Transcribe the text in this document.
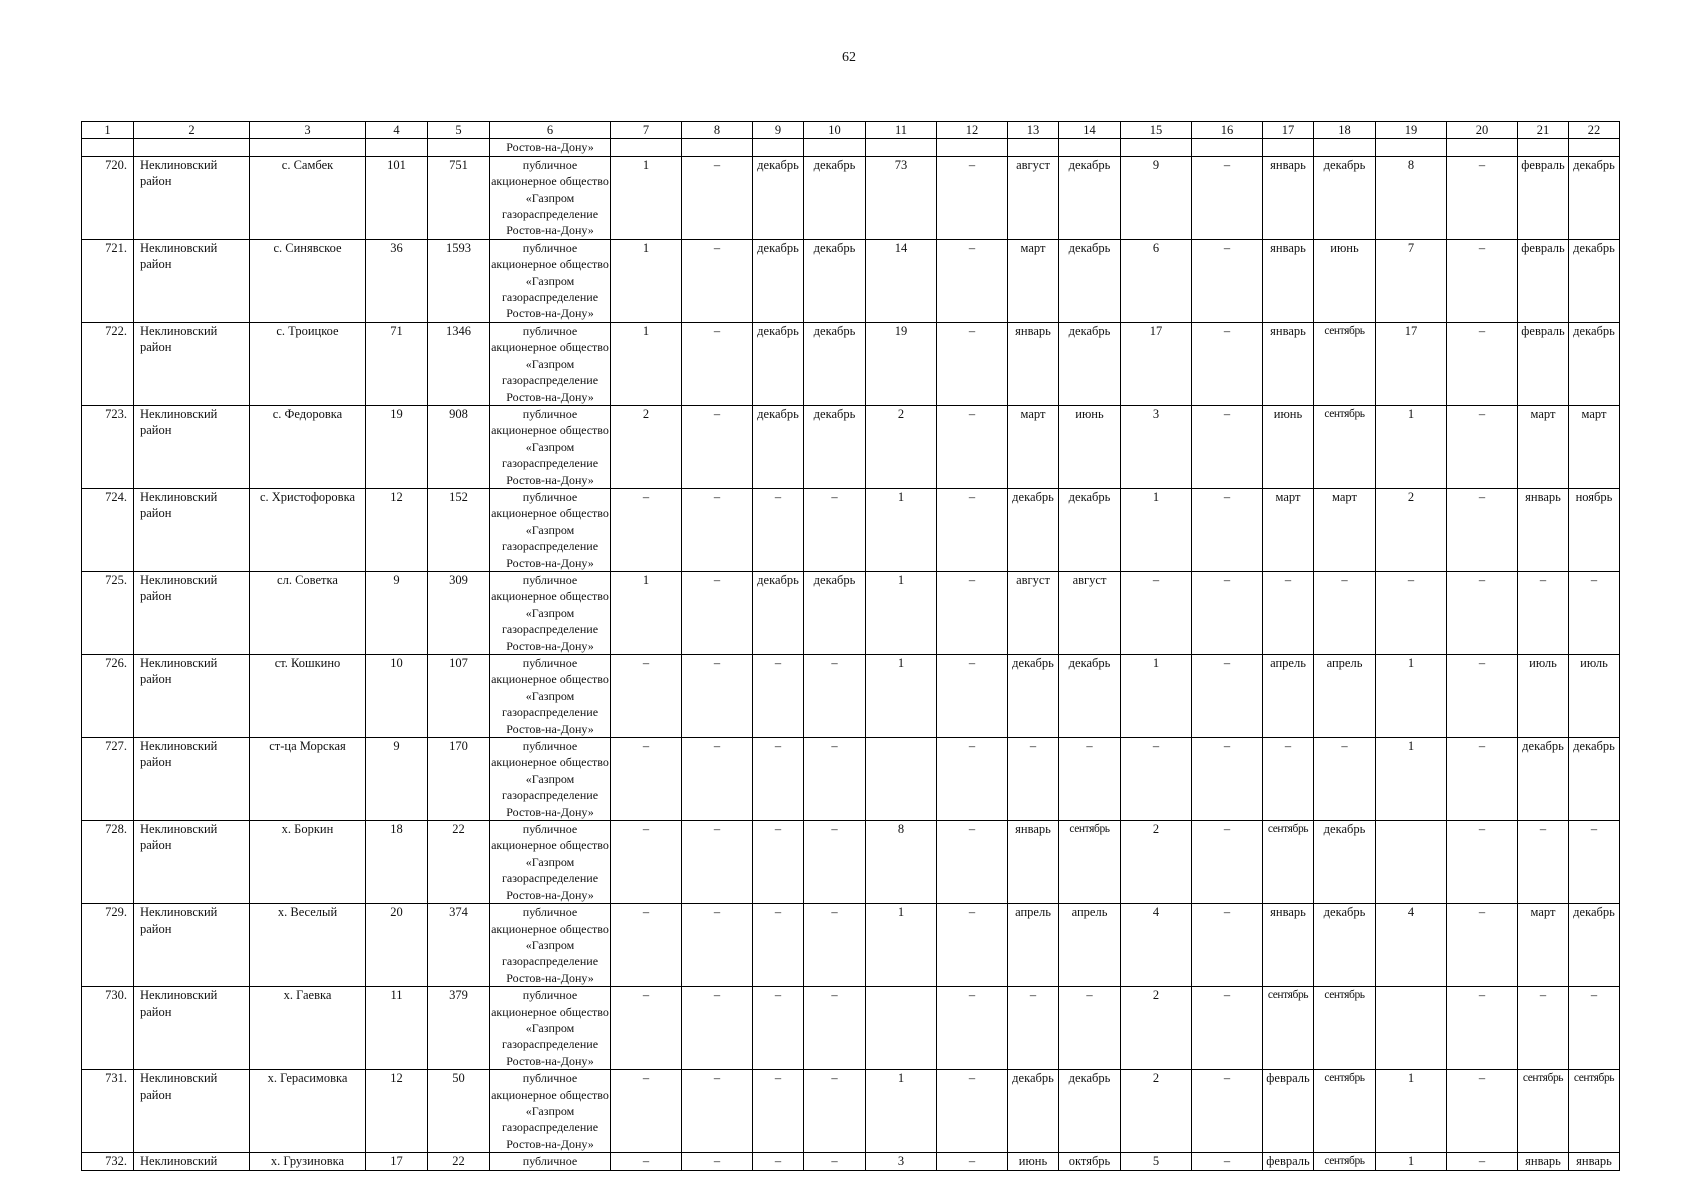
62
1	2	3	4	5	6	7	8	9	10	11	12	13	14	15	16	17	18	19	20	21	22
					Ростов-на-Дону»																
720.	Неклиновский район	с. Самбек	101	751	публичное акционерное общество «Газпром газораспределение Ростов-на-Дону»	1	–	декабрь	декабрь	73	–	август	декабрь	9	–	январь	декабрь	8	–	февраль	декабрь
721.	Неклиновский район	с. Синявское	36	1593	публичное акционерное общество «Газпром газораспределение Ростов-на-Дону»	1	–	декабрь	декабрь	14	–	март	декабрь	6	–	январь	июнь	7	–	февраль	декабрь
722.	Неклиновский район	с. Троицкое	71	1346	публичное акционерное общество «Газпром газораспределение Ростов-на-Дону»	1	–	декабрь	декабрь	19	–	январь	декабрь	17	–	январь	сентябрь	17	–	февраль	декабрь
723.	Неклиновский район	с. Федоровка	19	908	публичное акционерное общество «Газпром газораспределение Ростов-на-Дону»	2	–	декабрь	декабрь	2	–	март	июнь	3	–	июнь	сентябрь	1	–	март	март
724.	Неклиновский район	с. Христофоровка	12	152	публичное акционерное общество «Газпром газораспределение Ростов-на-Дону»	–	–	–	–	1	–	декабрь	декабрь	1	–	март	март	2	–	январь	ноябрь
725.	Неклиновский район	сл. Советка	9	309	публичное акционерное общество «Газпром газораспределение Ростов-на-Дону»	1	–	декабрь	декабрь	1	–	август	август	–	–	–	–	–	–	–	–
726.	Неклиновский район	ст. Кошкино	10	107	публичное акционерное общество «Газпром газораспределение Ростов-на-Дону»	–	–	–	–	1	–	декабрь	декабрь	1	–	апрель	апрель	1	–	июль	июль
727.	Неклиновский район	ст-ца Морская	9	170	публичное акционерное общество «Газпром газораспределение Ростов-на-Дону»	–	–	–	–		–	–	–	–	–	–	–	1	–	декабрь	декабрь
728.	Неклиновский район	х. Боркин	18	22	публичное акционерное общество «Газпром газораспределение Ростов-на-Дону»	–	–	–	–	8	–	январь	сентябрь	2	–	сентябрь	декабрь		–	–	–
729.	Неклиновский район	х. Веселый	20	374	публичное акционерное общество «Газпром газораспределение Ростов-на-Дону»	–	–	–	–	1	–	апрель	апрель	4	–	январь	декабрь	4	–	март	декабрь
730.	Неклиновский район	х. Гаевка	11	379	публичное акционерное общество «Газпром газораспределение Ростов-на-Дону»	–	–	–	–		–	–	–	2	–	сентябрь	сентябрь		–	–	–
731.	Неклиновский район	х. Герасимовка	12	50	публичное акционерное общество «Газпром газораспределение Ростов-на-Дону»	–	–	–	–	1	–	декабрь	декабрь	2	–	февраль	сентябрь	1	–	сентябрь	сентябрь
732.	Неклиновский	х. Грузиновка	17	22	публичное	–	–	–	–	3	–	июнь	октябрь	5	–	февраль	сентябрь	1	–	январь	январь
